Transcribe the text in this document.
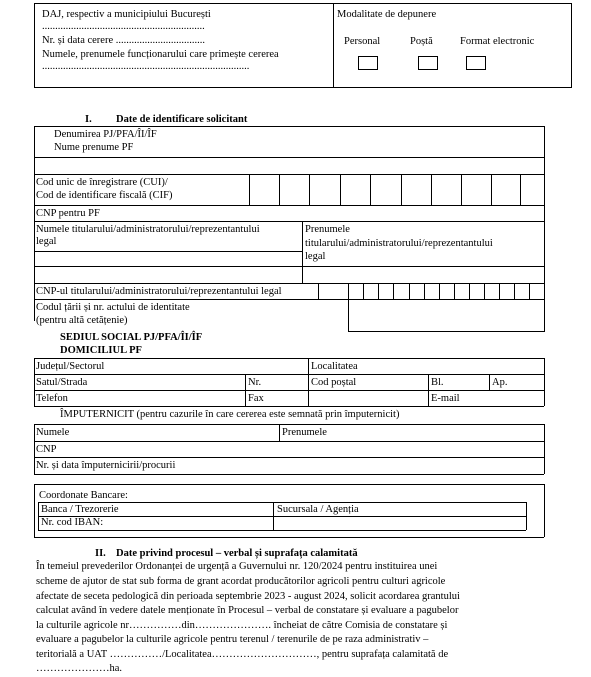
DAJ, respectiv a municipiului București
..............................................................
Nr. și data cerere ..................................
Numele, prenumele funcționarului care primește cererea
...............................................................................
Modalitate de depunere
Personal	Poștă	Format electronic
I. Date de identificare solicitant
Denumirea PJ/PFA/ÎI/ÎF
Nume prenume PF
Cod unic de înregistrare (CUI)/
Cod de identificare fiscală (CIF)
CNP pentru PF
Numele titularului/administratorului/reprezentantului
legal
Prenumele
titularului/administratorului/reprezentantului
legal
CNP-ul titularului/administratorului/reprezentantului legal
Codul țării și nr. actului de identitate
(pentru altă cetățenie)
SEDIUL SOCIAL PJ/PFA/ÎI/ÎF
DOMICILIUL PF
Județul/Sectorul	Localitatea
Satul/Strada	Nr.	Cod poștal	Bl.	Ap.
Telefon	Fax	E-mail
ÎMPUTERNICIT (pentru cazurile în care cererea este semnată prin împuternicit)
Numele	Prenumele
CNP
Nr. și data împuternicirii/procurii
Coordonate Bancare:
Banca / Trezorerie	Sucursala / Agenția
Nr. cod IBAN:
II. Date privind procesul – verbal și suprafața calamitată
În temeiul prevederilor Ordonanței de urgență a Guvernului nr. 120/2024 pentru instituirea unei
scheme de ajutor de stat sub forma de grant acordat producătorilor agricoli pentru culturi agricole
afectate de seceta pedologică din perioada septembrie 2023 - august 2024, solicit acordarea grantului
calculat având în vedere datele menționate în Procesul – verbal de constatare și evaluare a pagubelor
la culturile agricole nr……………din…………………. încheiat de către Comisia de constatare și
evaluare a pagubelor la culturile agricole pentru terenul / terenurile de pe raza administrativ –
teritorială a UAT ……………/Localitatea…………………………, pentru suprafața calamitată de
…………………ha.
